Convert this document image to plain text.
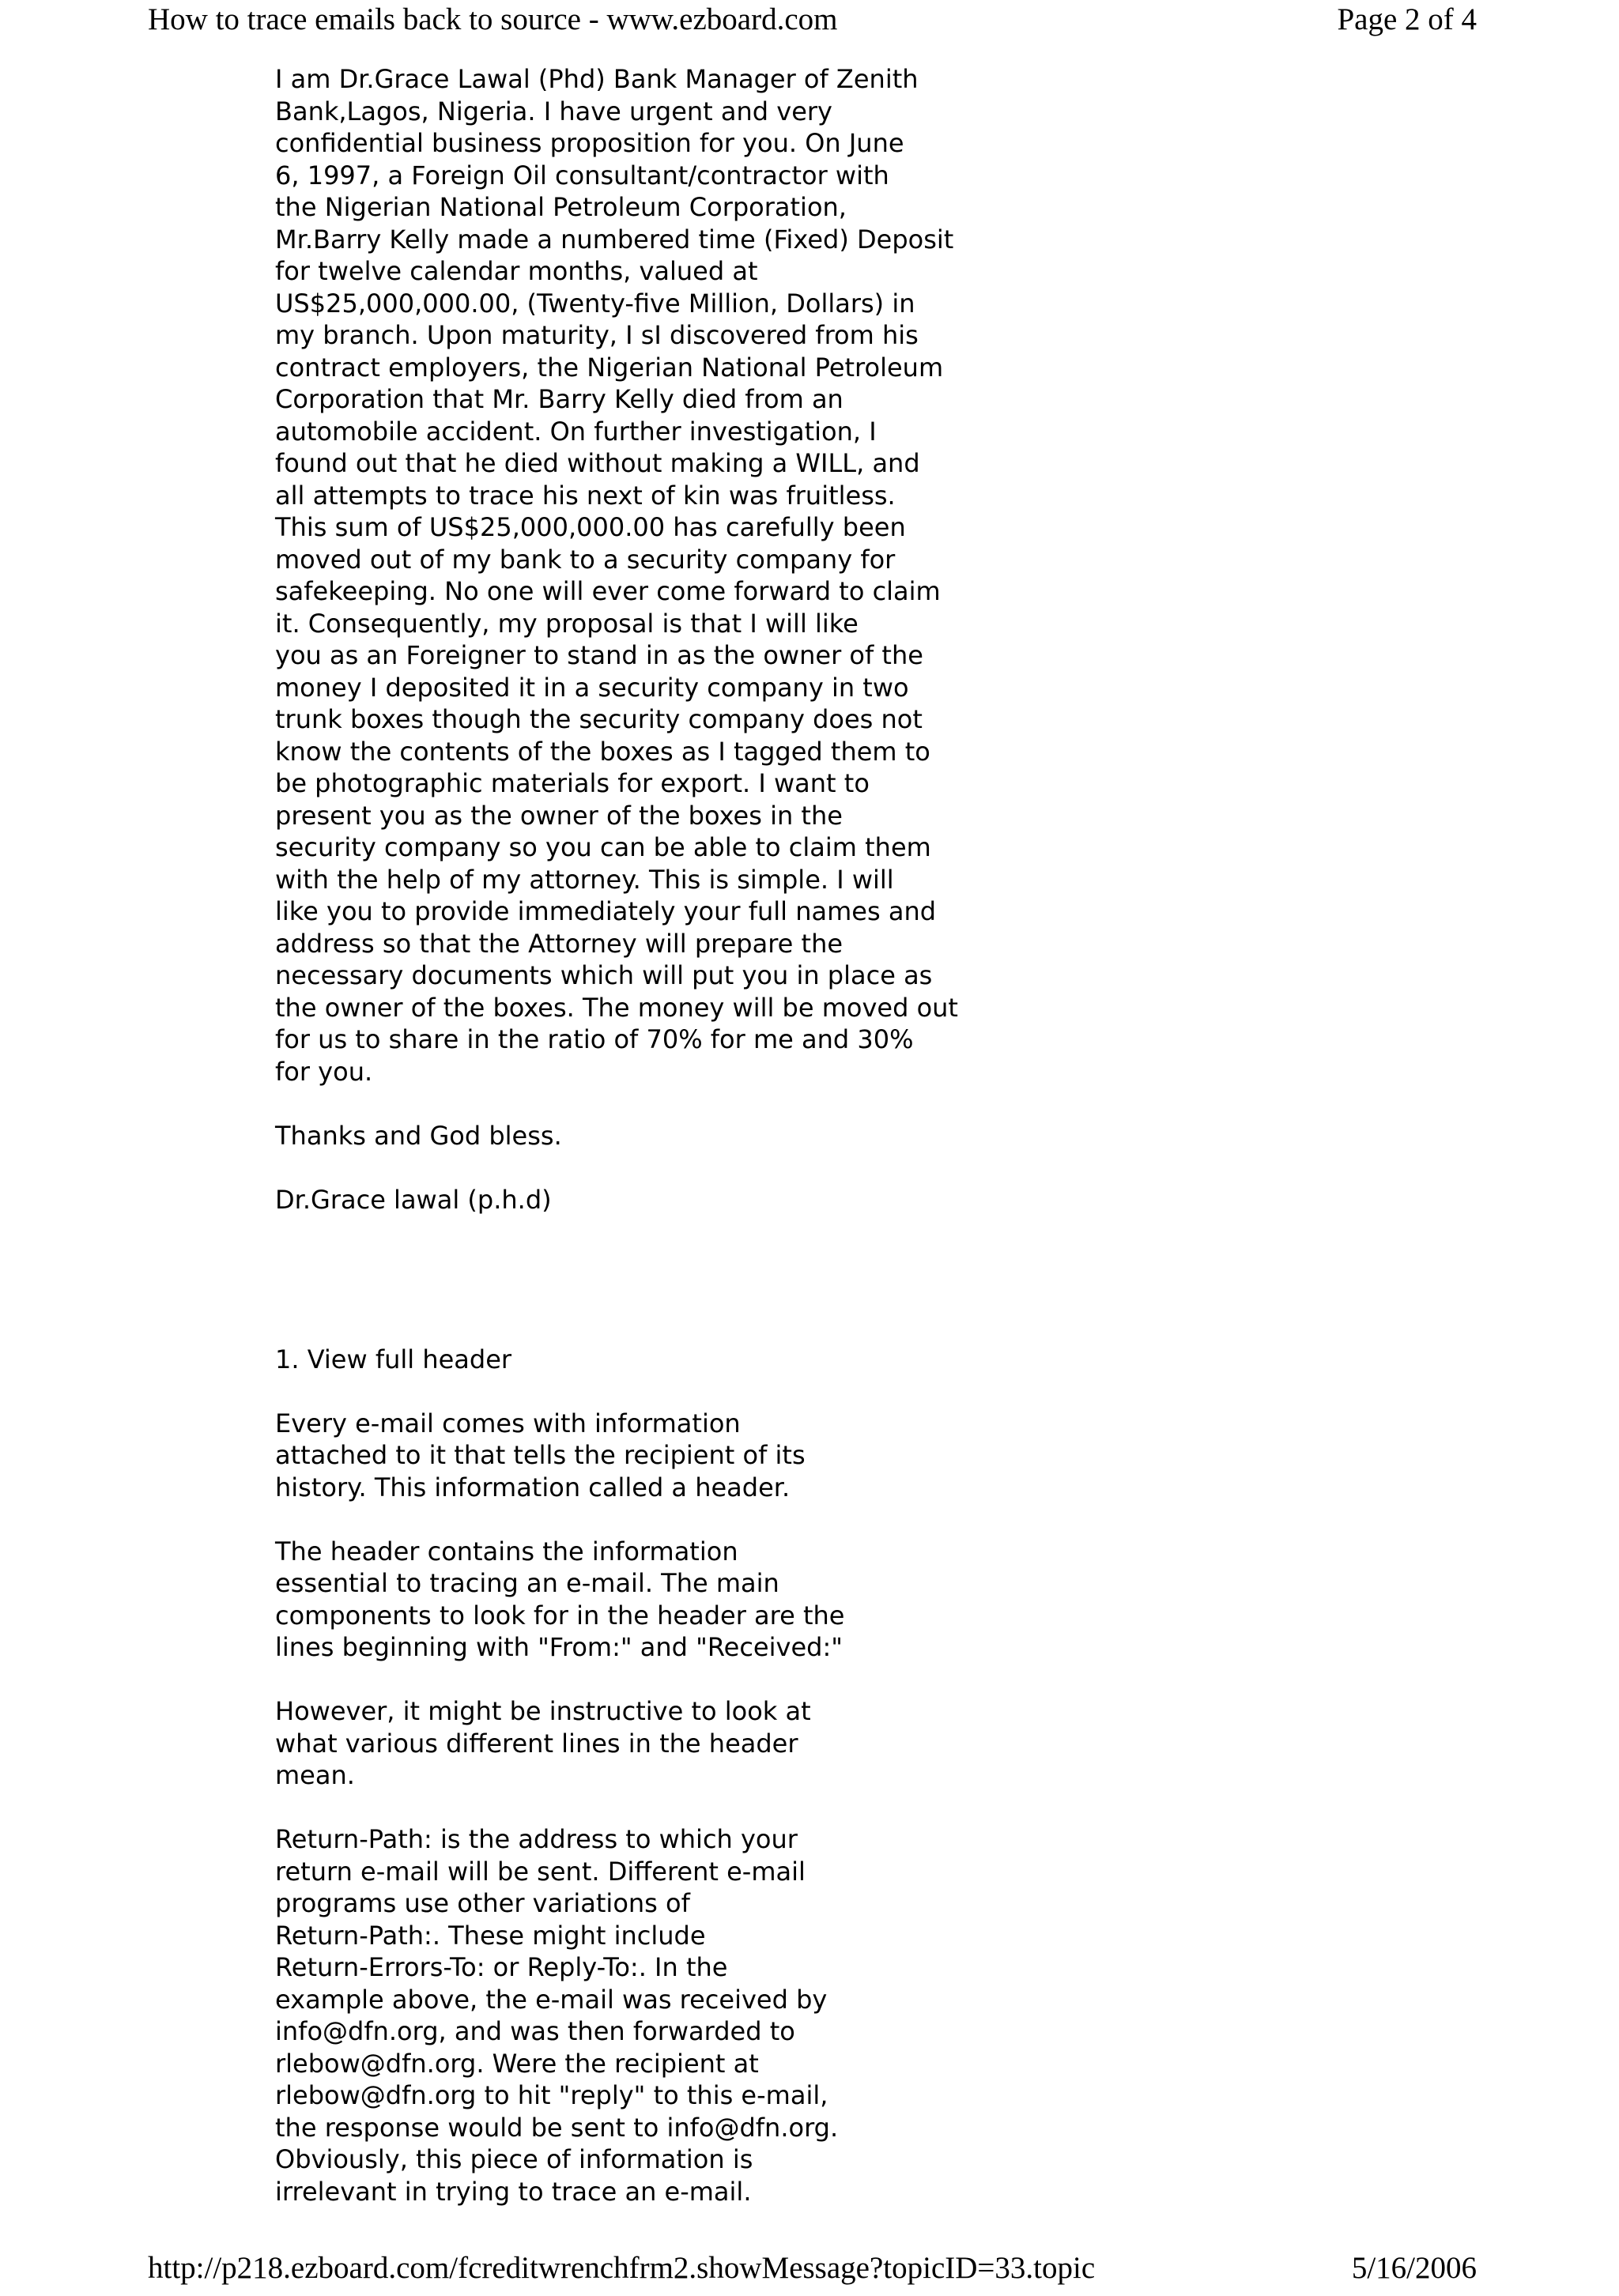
How to trace emails back to source - www.ezboard.com	Page 2 of 4
I am Dr.Grace Lawal (Phd) Bank Manager of Zenith
Bank,Lagos, Nigeria. I have urgent and very
confidential business proposition for you. On June
6, 1997, a Foreign Oil consultant/contractor with
the Nigerian National Petroleum Corporation,
Mr.Barry Kelly made a numbered time (Fixed) Deposit
for twelve calendar months, valued at
US$25,000,000.00, (Twenty-five Million, Dollars) in
my branch. Upon maturity, I sI discovered from his
contract employers, the Nigerian National Petroleum
Corporation that Mr. Barry Kelly died from an
automobile accident. On further investigation, I
found out that he died without making a WILL, and
all attempts to trace his next of kin was fruitless.
This sum of US$25,000,000.00 has carefully been
moved out of my bank to a security company for
safekeeping. No one will ever come forward to claim
it. Consequently, my proposal is that I will like
you as an Foreigner to stand in as the owner of the
money I deposited it in a security company in two
trunk boxes though the security company does not
know the contents of the boxes as I tagged them to
be photographic materials for export. I want to
present you as the owner of the boxes in the
security company so you can be able to claim them
with the help of my attorney. This is simple. I will
like you to provide immediately your full names and
address so that the Attorney will prepare the
necessary documents which will put you in place as
the owner of the boxes. The money will be moved out
for us to share in the ratio of 70% for me and 30%
for you.
Thanks and God bless.
Dr.Grace lawal (p.h.d)
1. View full header
Every e-mail comes with information
attached to it that tells the recipient of its
history. This information called a header.
The header contains the information
essential to tracing an e-mail. The main
components to look for in the header are the
lines beginning with "From:" and "Received:"
However, it might be instructive to look at
what various different lines in the header
mean.
Return-Path: is the address to which your
return e-mail will be sent. Different e-mail
programs use other variations of
Return-Path:. These might include
Return-Errors-To: or Reply-To:. In the
example above, the e-mail was received by
info@dfn.org, and was then forwarded to
rlebow@dfn.org. Were the recipient at
rlebow@dfn.org to hit "reply" to this e-mail,
the response would be sent to info@dfn.org.
Obviously, this piece of information is
irrelevant in trying to trace an e-mail.
http://p218.ezboard.com/fcreditwrenchfrm2.showMessage?topicID=33.topic	5/16/2006
